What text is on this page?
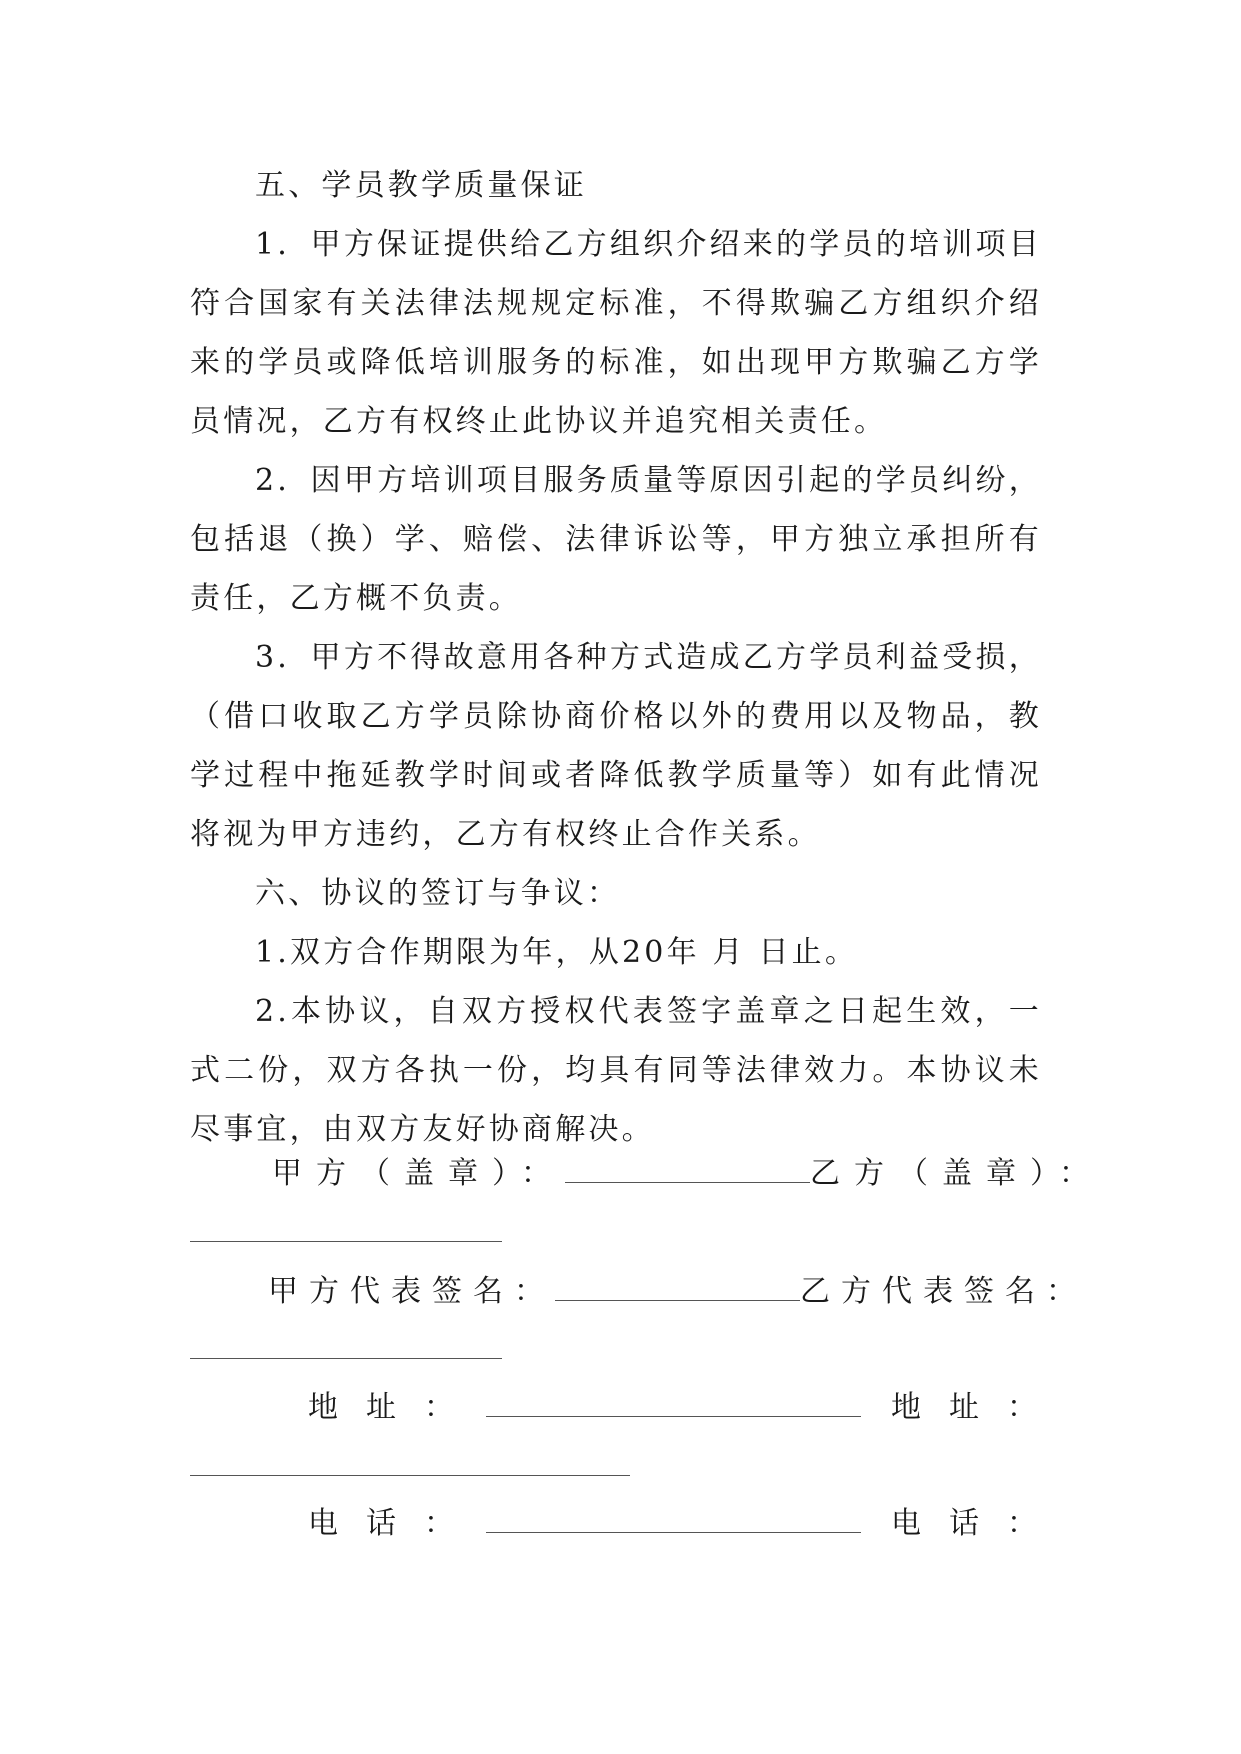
五、学员教学质量保证

1．甲方保证提供给乙方组织介绍来的学员的培训项目符合国家有关法律法规规定标准，不得欺骗乙方组织介绍来的学员或降低培训服务的标准，如出现甲方欺骗乙方学员情况，乙方有权终止此协议并追究相关责任。

2．因甲方培训项目服务质量等原因引起的学员纠纷，包括退（换）学、赔偿、法律诉讼等，甲方独立承担所有责任，乙方概不负责。

3．甲方不得故意用各种方式造成乙方学员利益受损，（借口收取乙方学员除协商价格以外的费用以及物品，教学过程中拖延教学时间或者降低教学质量等）如有此情况将视为甲方违约，乙方有权终止合作关系。

六、协议的签订与争议：

1.双方合作期限为年，从20年 月 日止。

2.本协议，自双方授权代表签字盖章之日起生效，一式二份，双方各执一份，均具有同等法律效力。本协议未尽事宜，由双方友好协商解决。

甲方（盖章）：	乙方（盖章）：
甲方代表签名：	乙方代表签名：
地址：	地址：
电话：	电话：
